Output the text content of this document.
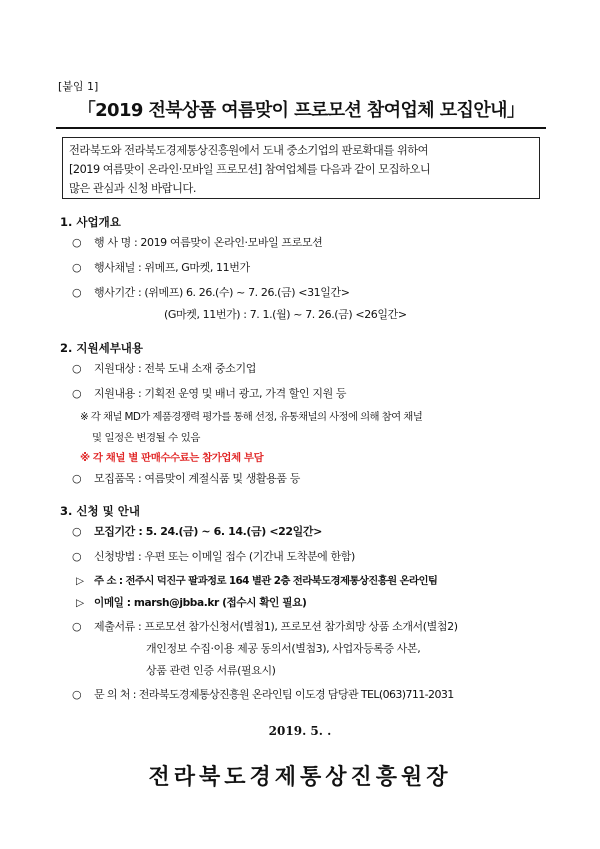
[붙임 1]
「2019 전북상품 여름맞이 프로모션 참여업체 모집안내」
전라북도와 전라북도경제통상진흥원에서 도내 중소기업의 판로확대를 위하여
[2019 여름맞이 온라인·모바일 프로모션] 참여업체를 다음과 같이 모집하오니
많은 관심과 신청 바랍니다.
1. 사업개요
○ 행 사 명 : 2019 여름맞이 온라인·모바일 프로모션
○ 행사채널 : 위메프, G마켓, 11번가
○ 행사기간 : (위메프) 6. 26.(수) ~ 7. 26.(금) <31일간>
(G마켓, 11번가) : 7. 1.(월) ~ 7. 26.(금) <26일간>
2. 지원세부내용
○ 지원대상 : 전북 도내 소재 중소기업
○ 지원내용 : 기획전 운영 및 배너 광고, 가격 할인 지원 등
※ 각 채널 MD가 제품경쟁력 평가를 통해 선정, 유통채널의 사정에 의해 참여 채널
및 일정은 변경될 수 있음
※ 각 채널 별 판매수수료는 참가업체 부담
○ 모집품목 : 여름맞이 계절식품 및 생활용품 등
3. 신청 및 안내
○ 모집기간 : 5. 24.(금) ~ 6. 14.(금) <22일간>
○ 신청방법 : 우편 또는 이메일 접수 (기간내 도착분에 한함)
▷ 주 소 : 전주시 덕진구 팔과정로 164 별관 2층 전라북도경제통상진흥원 온라인팀
▷ 이메일 : marsh@jbba.kr (접수시 확인 필요)
○ 제출서류 : 프로모션 참가신청서(별첨1), 프로모션 참가희망 상품 소개서(별첨2)
개인정보 수집·이용 제공 동의서(별첨3), 사업자등록증 사본,
상품 관련 인증 서류(필요시)
○ 문 의 처 : 전라북도경제통상진흥원 온라인팀 이도경 담당관 TEL(063)711-2031
2019. 5. .
전라북도경제통상진흥원장
